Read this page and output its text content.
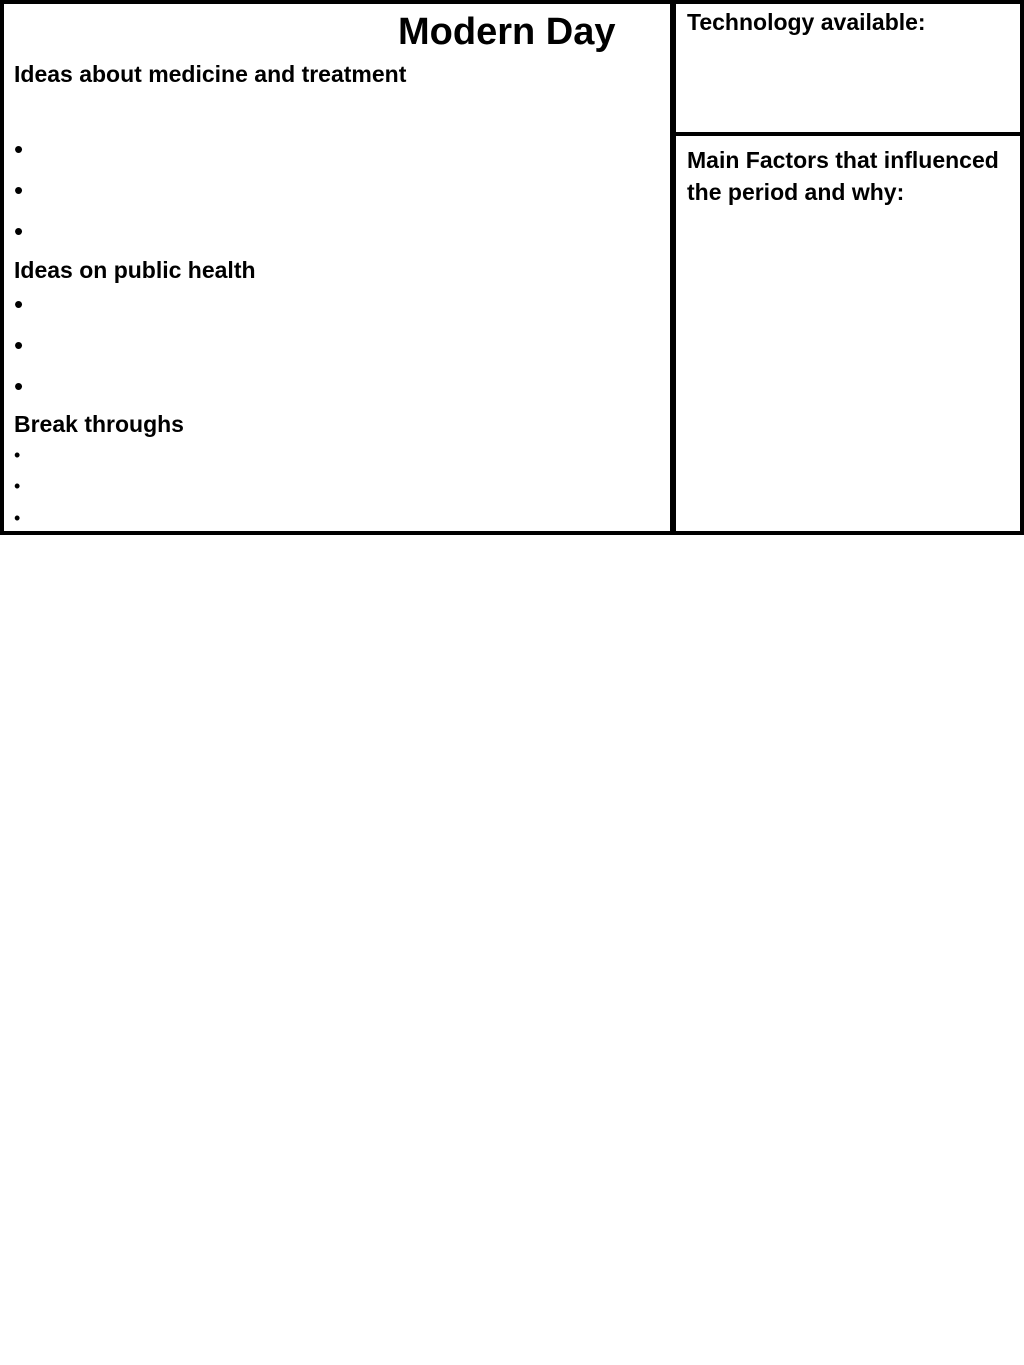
Modern Day
Ideas about medicine and treatment
•
•
•
Ideas on public health
•
•
•
Break throughs
•
•
•
Technology available:
Main Factors that influenced the period and why:
